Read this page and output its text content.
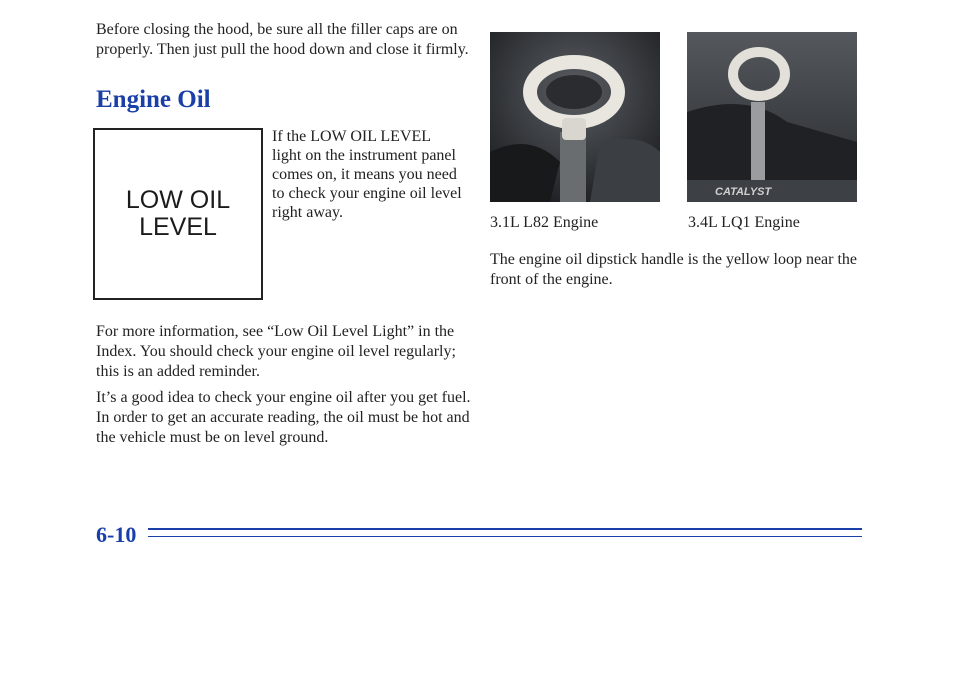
Before closing the hood, be sure all the filler caps are on properly. Then just pull the hood down and close it firmly.

Engine Oil
LOW OIL
LEVEL

If the LOW OIL LEVEL light on the instrument panel comes on, it means you need to check your engine oil level right away.

For more information, see “Low Oil Level Light” in the Index. You should check your engine oil level regularly; this is an added reminder.

It’s a good idea to check your engine oil after you get fuel. In order to get an accurate reading, the oil must be hot and the vehicle must be on level ground.

CATALYST

3.1L L82 Engine	3.4L LQ1 Engine

The engine oil dipstick handle is the yellow loop near the front of the engine.

6-10
